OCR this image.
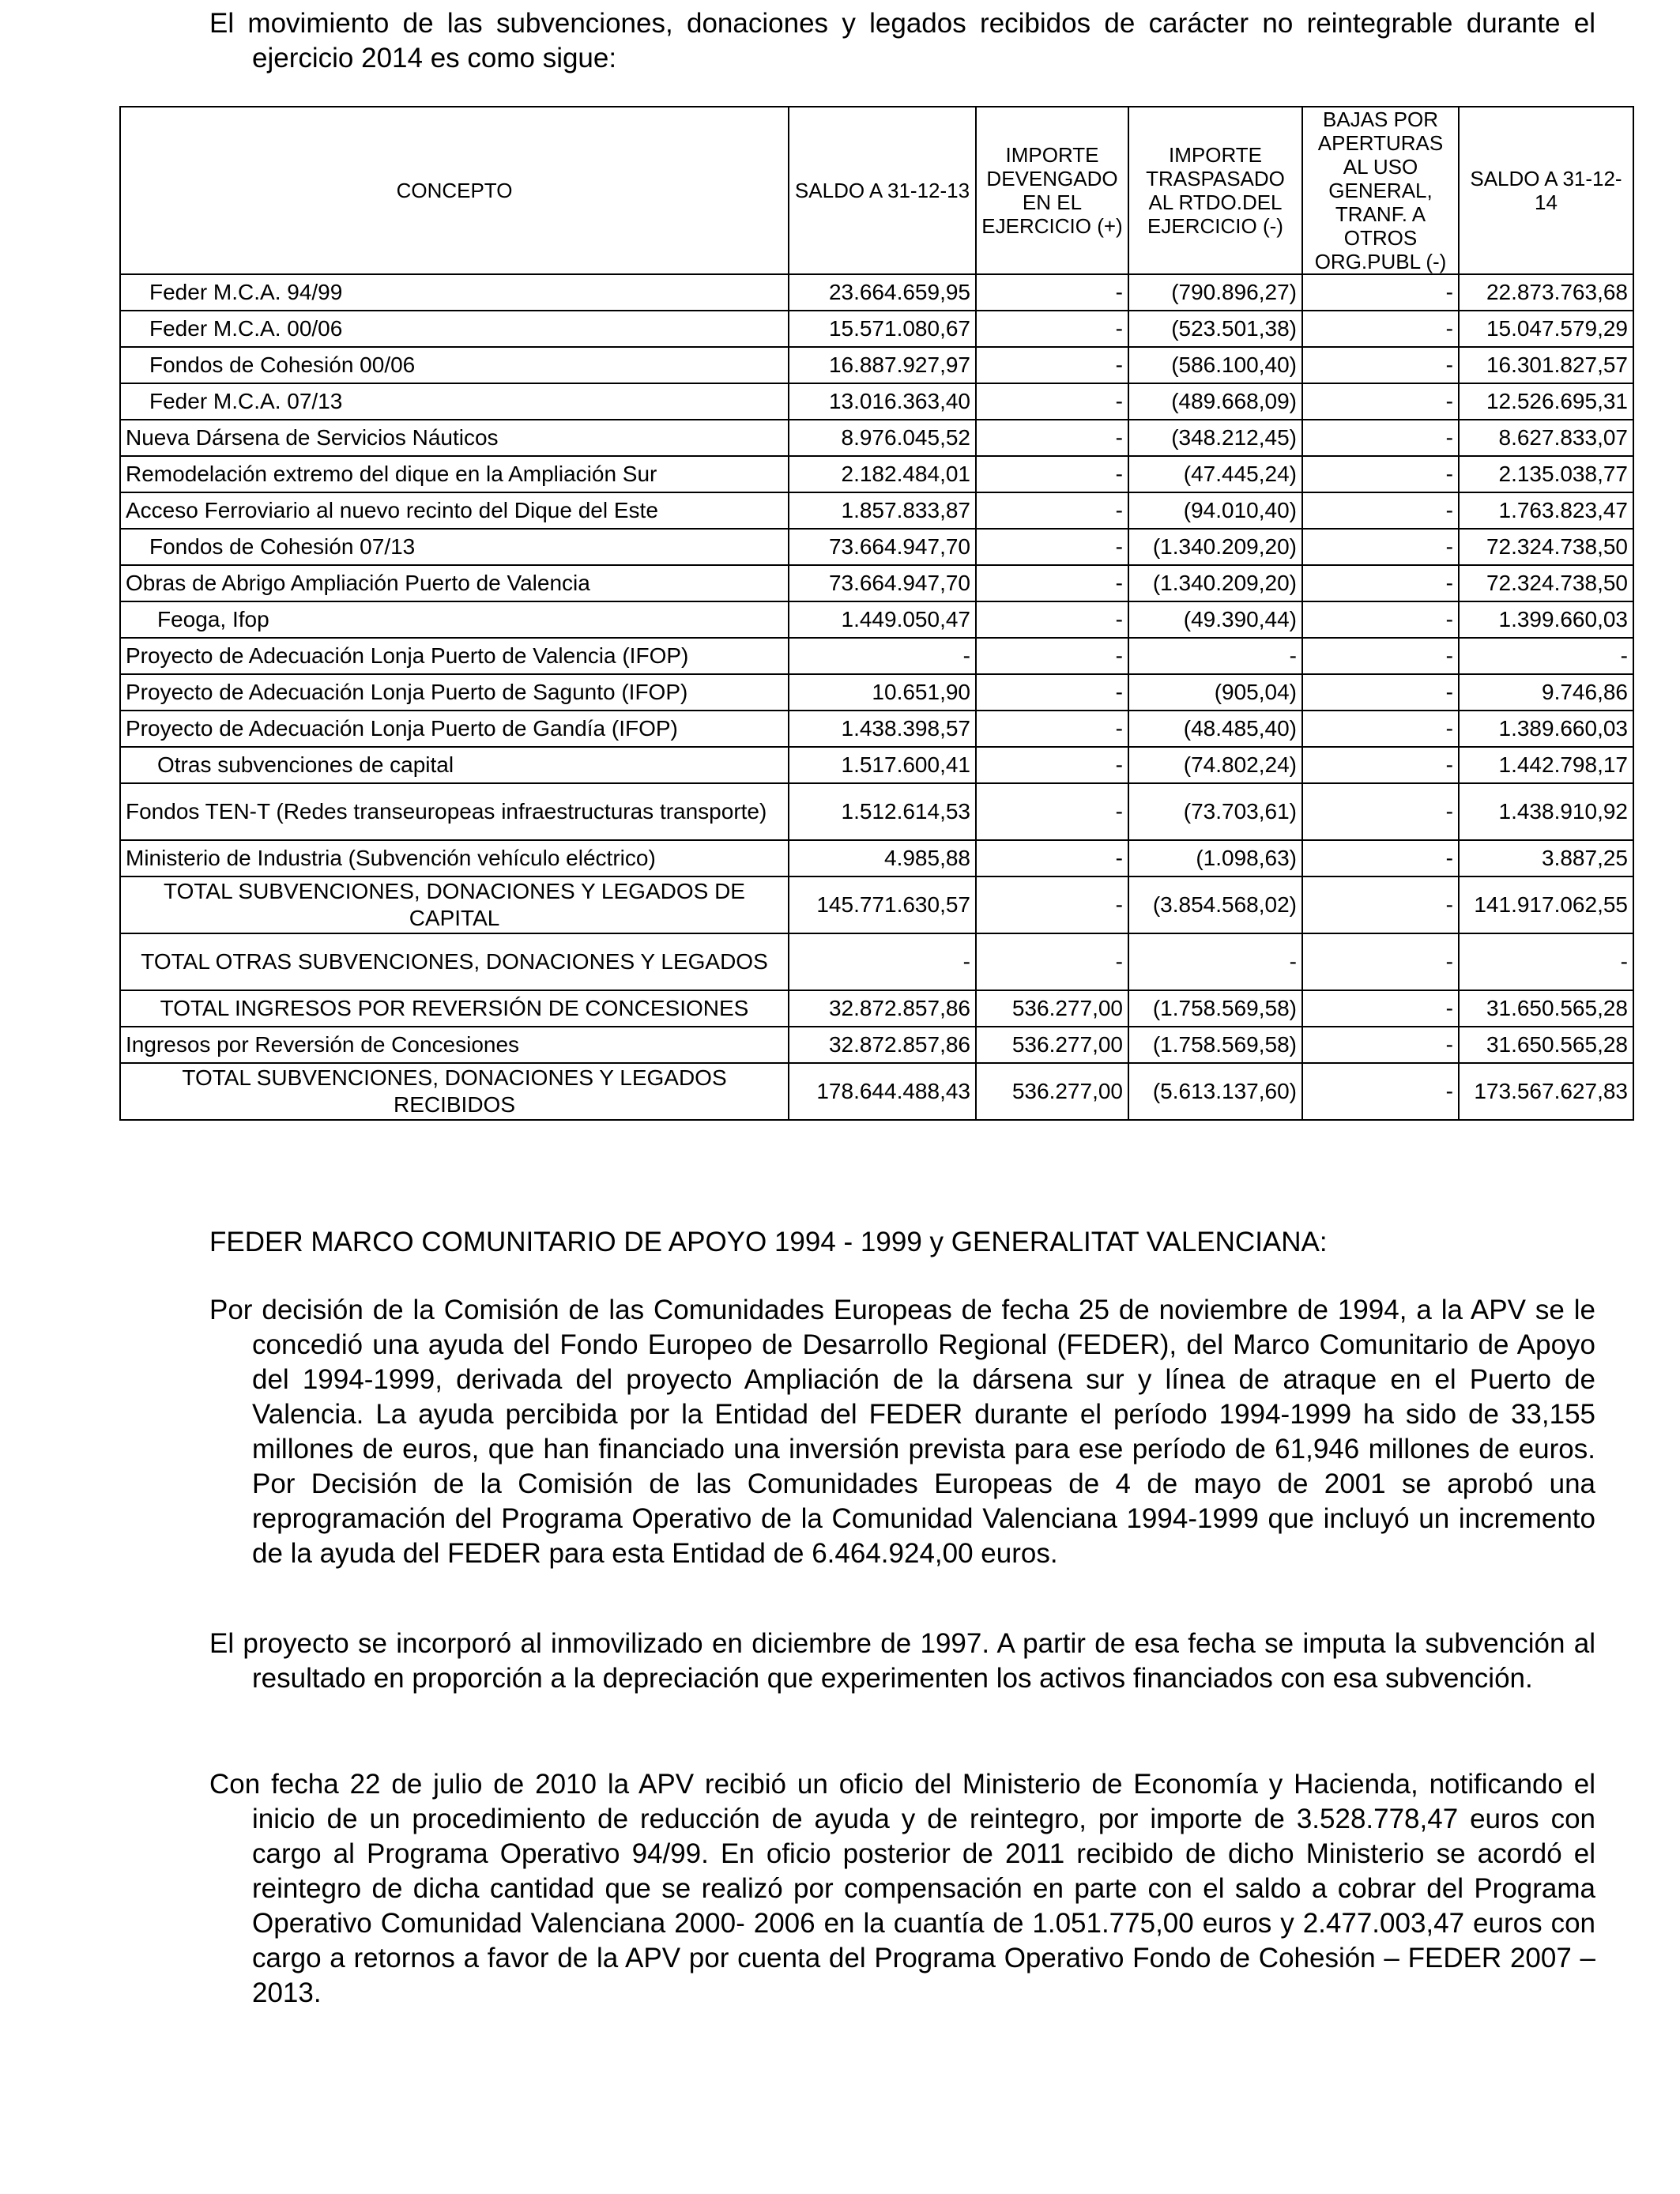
El movimiento de las subvenciones, donaciones y legados recibidos de carácter no reintegrable durante el ejercicio 2014 es como sigue:
CONCEPTO	SALDO A 31-12-13	IMPORTE DEVENGADO EN EL EJERCICIO (+)	IMPORTE TRASPASADO AL RTDO.DEL EJERCICIO (-)	BAJAS POR APERTURAS AL USO GENERAL, TRANF. A OTROS ORG.PUBL (-)	SALDO A 31-12-14
Feder M.C.A. 94/99	23.664.659,95	-	(790.896,27)	-	22.873.763,68
Feder M.C.A. 00/06	15.571.080,67	-	(523.501,38)	-	15.047.579,29
Fondos de Cohesión 00/06	16.887.927,97	-	(586.100,40)	-	16.301.827,57
Feder M.C.A. 07/13	13.016.363,40	-	(489.668,09)	-	12.526.695,31
Nueva Dársena de Servicios Náuticos	8.976.045,52	-	(348.212,45)	-	8.627.833,07
Remodelación extremo del dique en la Ampliación Sur	2.182.484,01	-	(47.445,24)	-	2.135.038,77
Acceso Ferroviario al nuevo recinto del Dique del Este	1.857.833,87	-	(94.010,40)	-	1.763.823,47
Fondos de Cohesión 07/13	73.664.947,70	-	(1.340.209,20)	-	72.324.738,50
Obras de Abrigo Ampliación Puerto de Valencia	73.664.947,70	-	(1.340.209,20)	-	72.324.738,50
Feoga, Ifop	1.449.050,47	-	(49.390,44)	-	1.399.660,03
Proyecto de Adecuación Lonja Puerto de Valencia (IFOP)	-	-	-	-	-
Proyecto de Adecuación Lonja Puerto de Sagunto (IFOP)	10.651,90	-	(905,04)	-	9.746,86
Proyecto de Adecuación Lonja Puerto de Gandía (IFOP)	1.438.398,57	-	(48.485,40)	-	1.389.660,03
Otras subvenciones de capital	1.517.600,41	-	(74.802,24)	-	1.442.798,17
Fondos TEN-T (Redes transeuropeas infraestructuras transporte)	1.512.614,53	-	(73.703,61)	-	1.438.910,92
Ministerio de Industria (Subvención vehículo eléctrico)	4.985,88	-	(1.098,63)	-	3.887,25
TOTAL SUBVENCIONES, DONACIONES Y LEGADOS DE CAPITAL	145.771.630,57	-	(3.854.568,02)	-	141.917.062,55
TOTAL OTRAS SUBVENCIONES, DONACIONES Y LEGADOS	-	-	-	-	-
TOTAL INGRESOS POR REVERSIÓN DE CONCESIONES	32.872.857,86	536.277,00	(1.758.569,58)	-	31.650.565,28
Ingresos por Reversión de Concesiones	32.872.857,86	536.277,00	(1.758.569,58)	-	31.650.565,28
TOTAL SUBVENCIONES, DONACIONES Y LEGADOS RECIBIDOS	178.644.488,43	536.277,00	(5.613.137,60)	-	173.567.627,83
FEDER MARCO COMUNITARIO DE APOYO 1994 - 1999 y GENERALITAT VALENCIANA:
Por decisión de la Comisión de las Comunidades Europeas de fecha 25 de noviembre de 1994, a la APV se le concedió una ayuda del Fondo Europeo de Desarrollo Regional (FEDER), del Marco Comunitario de Apoyo del 1994-1999, derivada del proyecto Ampliación de la dársena sur y línea de atraque en el Puerto de Valencia. La ayuda percibida por la Entidad del FEDER durante el período 1994-1999 ha sido de 33,155 millones de euros, que han financiado una inversión prevista para ese período de 61,946 millones de euros. Por Decisión de la Comisión de las Comunidades Europeas de 4 de mayo de 2001 se aprobó una reprogramación del Programa Operativo de la Comunidad Valenciana 1994-1999 que incluyó un incremento de la ayuda del FEDER para esta Entidad de 6.464.924,00 euros.
El proyecto se incorporó al inmovilizado en diciembre de 1997. A partir de esa fecha se imputa la subvención al resultado en proporción a la depreciación que experimenten los activos financiados con esa subvención.
Con fecha 22 de julio de 2010 la APV recibió un oficio del Ministerio de Economía y Hacienda, notificando el inicio de un procedimiento de reducción de ayuda y de reintegro, por importe de 3.528.778,47 euros con cargo al Programa Operativo 94/99. En oficio posterior de 2011 recibido de dicho Ministerio se acordó el reintegro de dicha cantidad que se realizó por compensación en parte con el saldo a cobrar del Programa Operativo Comunidad Valenciana 2000- 2006 en la cuantía de 1.051.775,00 euros y 2.477.003,47 euros con cargo a retornos a favor de la APV por cuenta del Programa Operativo Fondo de Cohesión – FEDER 2007 – 2013.
